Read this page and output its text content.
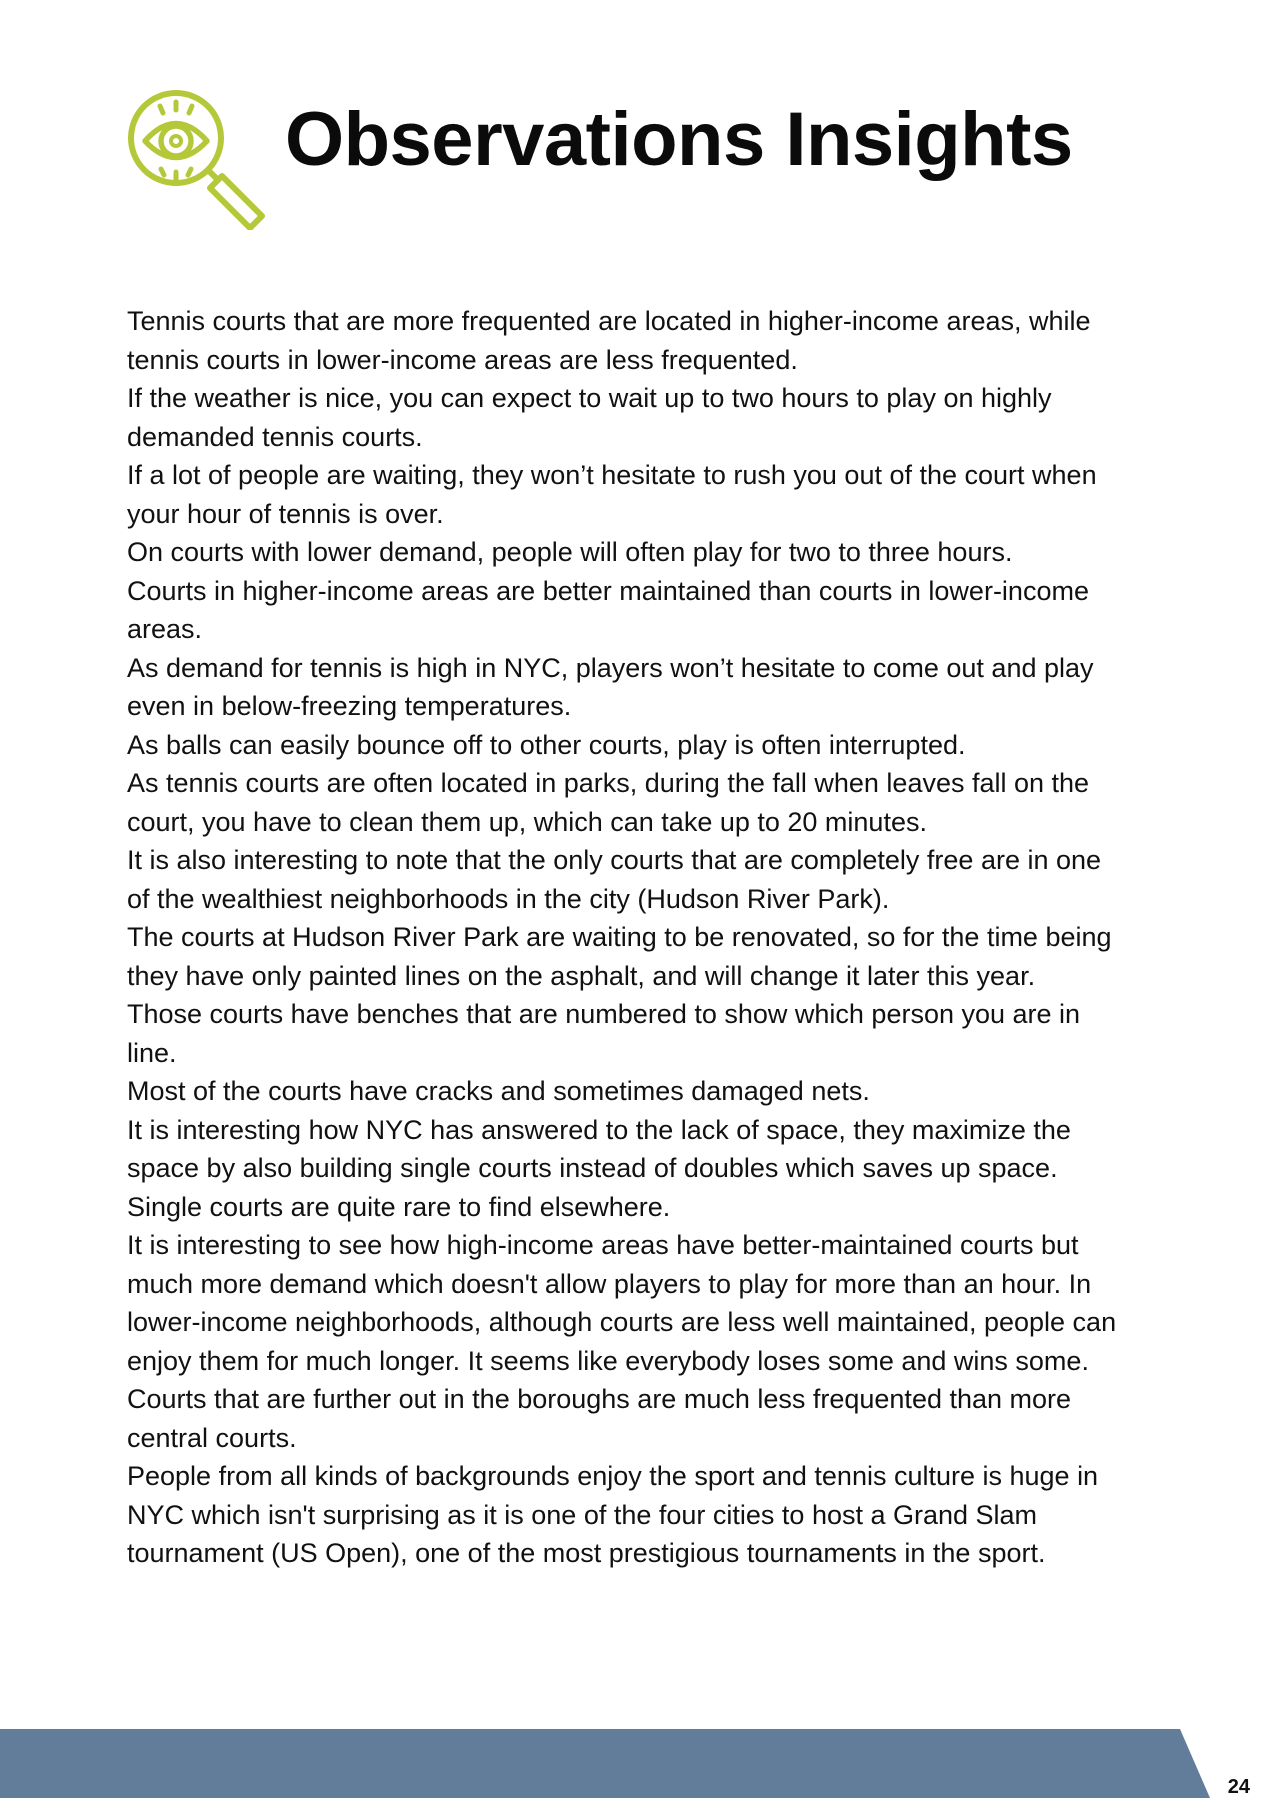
Observations Insights

Tennis courts that are more frequented are located in higher-income areas, while tennis courts in lower-income areas are less frequented.

If the weather is nice, you can expect to wait up to two hours to play on highly demanded tennis courts.

If a lot of people are waiting, they won’t hesitate to rush you out of the court when your hour of tennis is over.

On courts with lower demand, people will often play for two to three hours.

Courts in higher-income areas are better maintained than courts in lower-income areas.

As demand for tennis is high in NYC, players won’t hesitate to come out and play even in below-freezing temperatures.

As balls can easily bounce off to other courts, play is often interrupted.

As tennis courts are often located in parks, during the fall when leaves fall on the court, you have to clean them up, which can take up to 20 minutes.

It is also interesting to note that the only courts that are completely free are in one of the wealthiest neighborhoods in the city (Hudson River Park).

The courts at Hudson River Park are waiting to be renovated, so for the time being they have only painted lines on the asphalt, and will change it later this year.

Those courts have benches that are numbered to show which person you are in line.

Most of the courts have cracks and sometimes damaged nets.

It is interesting how NYC has answered to the lack of space, they maximize the space by also building single courts instead of doubles which saves up space. Single courts are quite rare to find elsewhere.

It is interesting to see how high-income areas have better-maintained courts but much more demand which doesn't allow players to play for more than an hour. In lower-income neighborhoods, although courts are less well maintained, people can enjoy them for much longer. It seems like everybody loses some and wins some.

Courts that are further out in the boroughs are much less frequented than more central courts.

People from all kinds of backgrounds enjoy the sport and tennis culture is huge in NYC which isn't surprising as it is one of the four cities to host a Grand Slam tournament (US Open), one of the most prestigious tournaments in the sport.

24
